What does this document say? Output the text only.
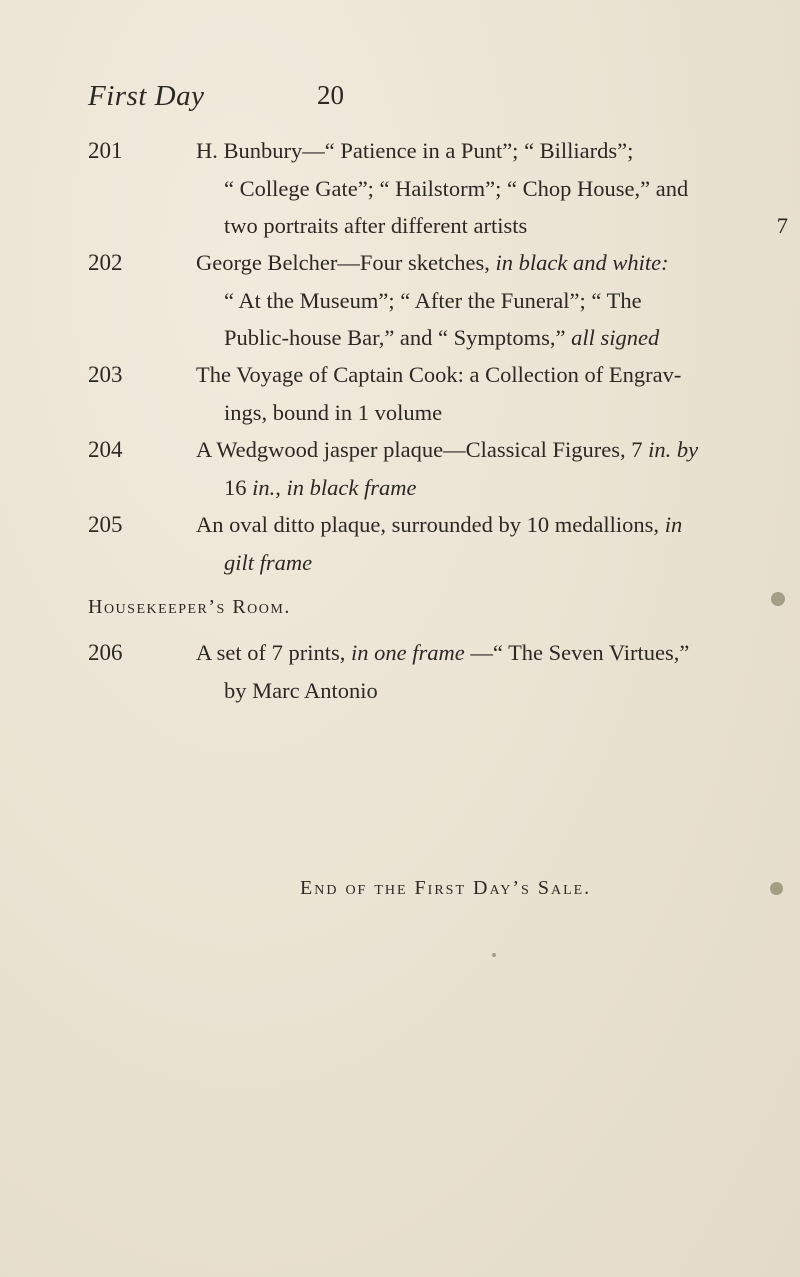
First Day	20
201	H. Bunbury—“ Patience in a Punt”; “ Billiards”;
“ College Gate”; “ Hailstorm”; “ Chop House,” and
two portraits after different artists	7
202	George Belcher—Four sketches, in black and white:
“ At the Museum”; “ After the Funeral”; “ The
Public-house Bar,” and “ Symptoms,” all signed
203	The Voyage of Captain Cook: a Collection of Engrav-
ings, bound in 1 volume
204	A Wedgwood jasper plaque—Classical Figures, 7 in. by
16 in., in black frame
205	An oval ditto plaque, surrounded by 10 medallions, in
gilt frame
Housekeeper’s Room.
206	A set of 7 prints, in one frame —“ The Seven Virtues,”
by Marc Antonio
End of the First Day’s Sale.
